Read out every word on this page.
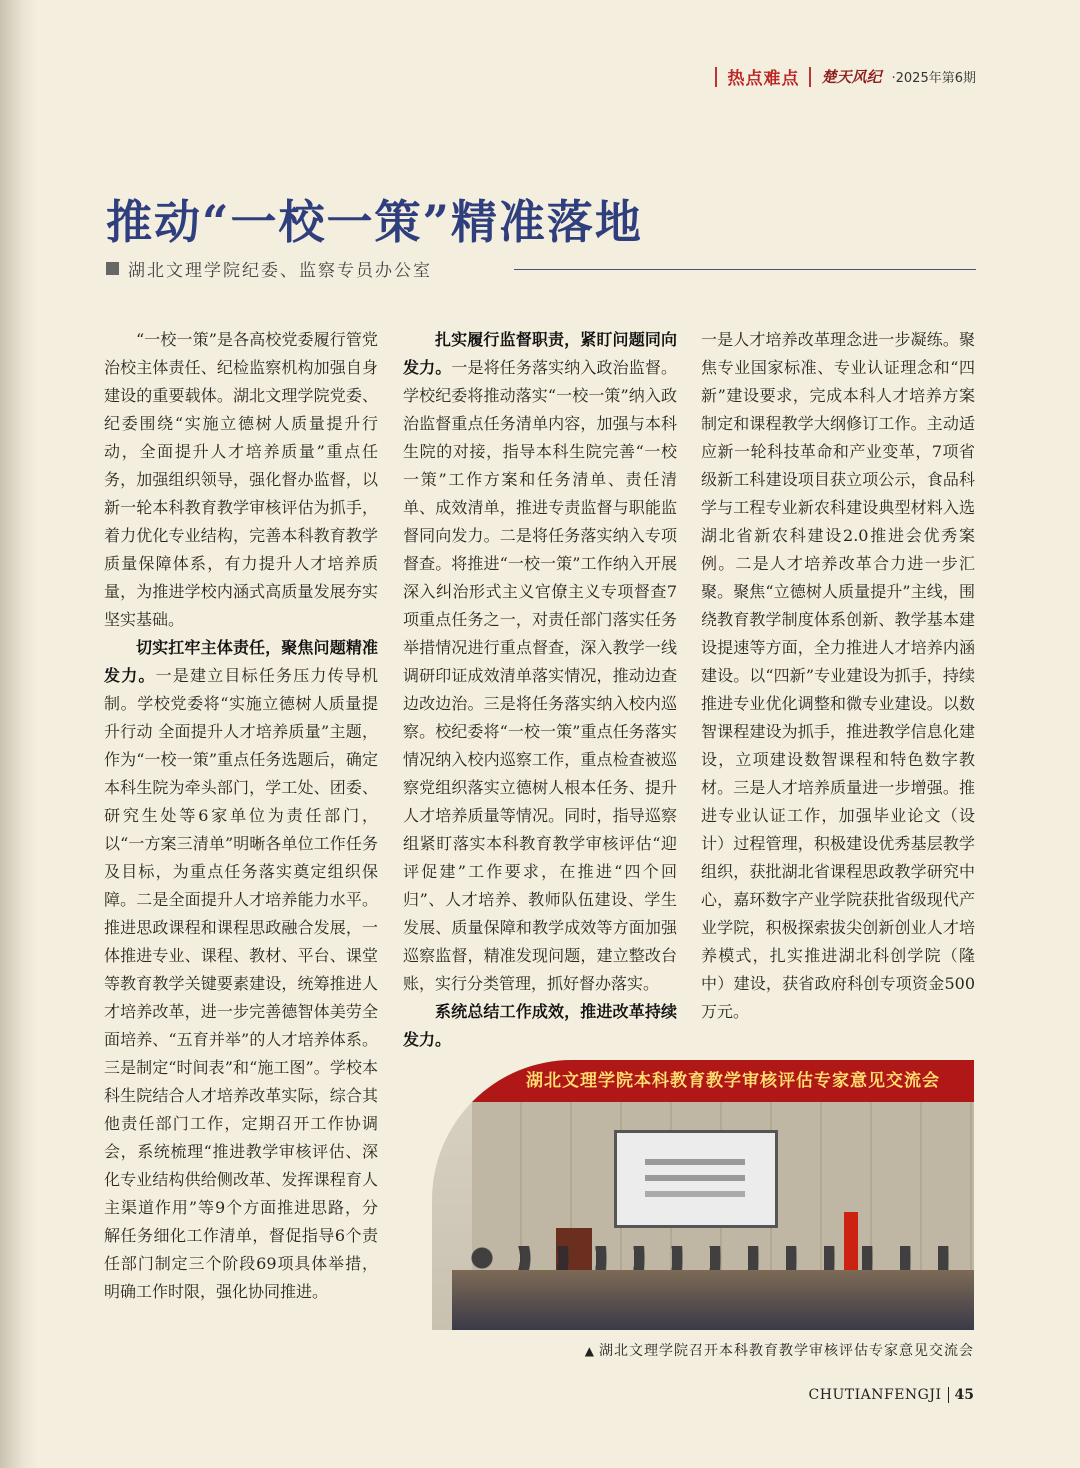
热点难点 楚天风纪 ·2025年第6期
推动“一校一策”精准落地
湖北文理学院纪委、监察专员办公室

“一校一策”是各高校党委履行管党治校主体责任、纪检监察机构加强自身建设的重要载体。湖北文理学院党委、纪委围绕“实施立德树人质量提升行动，全面提升人才培养质量”重点任务，加强组织领导，强化督办监督，以新一轮本科教育教学审核评估为抓手，着力优化专业结构，完善本科教育教学质量保障体系，有力提升人才培养质量，为推进学校内涵式高质量发展夯实坚实基础。

切实扛牢主体责任，聚焦问题精准发力。一是建立目标任务压力传导机制。学校党委将“实施立德树人质量提升行动 全面提升人才培养质量”主题，作为“一校一策”重点任务选题后，确定本科生院为牵头部门，学工处、团委、研究生处等6家单位为责任部门，以“一方案三清单”明晰各单位工作任务及目标，为重点任务落实奠定组织保障。二是全面提升人才培养能力水平。推进思政课程和课程思政融合发展，一体推进专业、课程、教材、平台、课堂等教育教学关键要素建设，统筹推进人才培养改革，进一步完善德智体美劳全面培养、“五育并举”的人才培养体系。三是制定“时间表”和“施工图”。学校本科生院结合人才培养改革实际，综合其他责任部门工作，定期召开工作协调会，系统梳理“推进教学审核评估、深化专业结构供给侧改革、发挥课程育人主渠道作用”等9个方面推进思路，分解任务细化工作清单，督促指导6个责任部门制定三个阶段69项具体举措，明确工作时限，强化协同推进。

扎实履行监督职责，紧盯问题同向发力。一是将任务落实纳入政治监督。学校纪委将推动落实“一校一策”纳入政治监督重点任务清单内容，加强与本科生院的对接，指导本科生院完善“一校一策”工作方案和任务清单、责任清单、成效清单，推进专责监督与职能监督同向发力。二是将任务落实纳入专项督查。将推进“一校一策”工作纳入开展深入纠治形式主义官僚主义专项督查7项重点任务之一，对责任部门落实任务举措情况进行重点督查，深入教学一线调研印证成效清单落实情况，推动边查边改边治。三是将任务落实纳入校内巡察。校纪委将“一校一策”重点任务落实情况纳入校内巡察工作，重点检查被巡察党组织落实立德树人根本任务、提升人才培养质量等情况。同时，指导巡察组紧盯落实本科教育教学审核评估“迎评促建”工作要求，在推进“四个回归”、人才培养、教师队伍建设、学生发展、质量保障和教学成效等方面加强巡察监督，精准发现问题，建立整改台账，实行分类管理，抓好督办落实。

系统总结工作成效，推进改革持续发力。

一是人才培养改革理念进一步凝练。聚焦专业国家标准、专业认证理念和“四新”建设要求，完成本科人才培养方案制定和课程教学大纲修订工作。主动适应新一轮科技革命和产业变革，7项省级新工科建设项目获立项公示，食品科学与工程专业新农科建设典型材料入选湖北省新农科建设2.0推进会优秀案例。二是人才培养改革合力进一步汇聚。聚焦“立德树人质量提升”主线，围绕教育教学制度体系创新、教学基本建设提速等方面，全力推进人才培养内涵建设。以“四新”专业建设为抓手，持续推进专业优化调整和微专业建设。以数智课程建设为抓手，推进教学信息化建设，立项建设数智课程和特色数字教材。三是人才培养质量进一步增强。推进专业认证工作，加强毕业论文（设计）过程管理，积极建设优秀基层教学组织，获批湖北省课程思政教学研究中心，嘉环数字产业学院获批省级现代产业学院，积极探索拔尖创新创业人才培养模式，扎实推进湖北科创学院（隆中）建设，获省政府科创专项资金500万元。

湖北文理学院本科教育教学审核评估专家意见交流会
▲ 湖北文理学院召开本科教育教学审核评估专家意见交流会
CHUTIANFENGJI 45
